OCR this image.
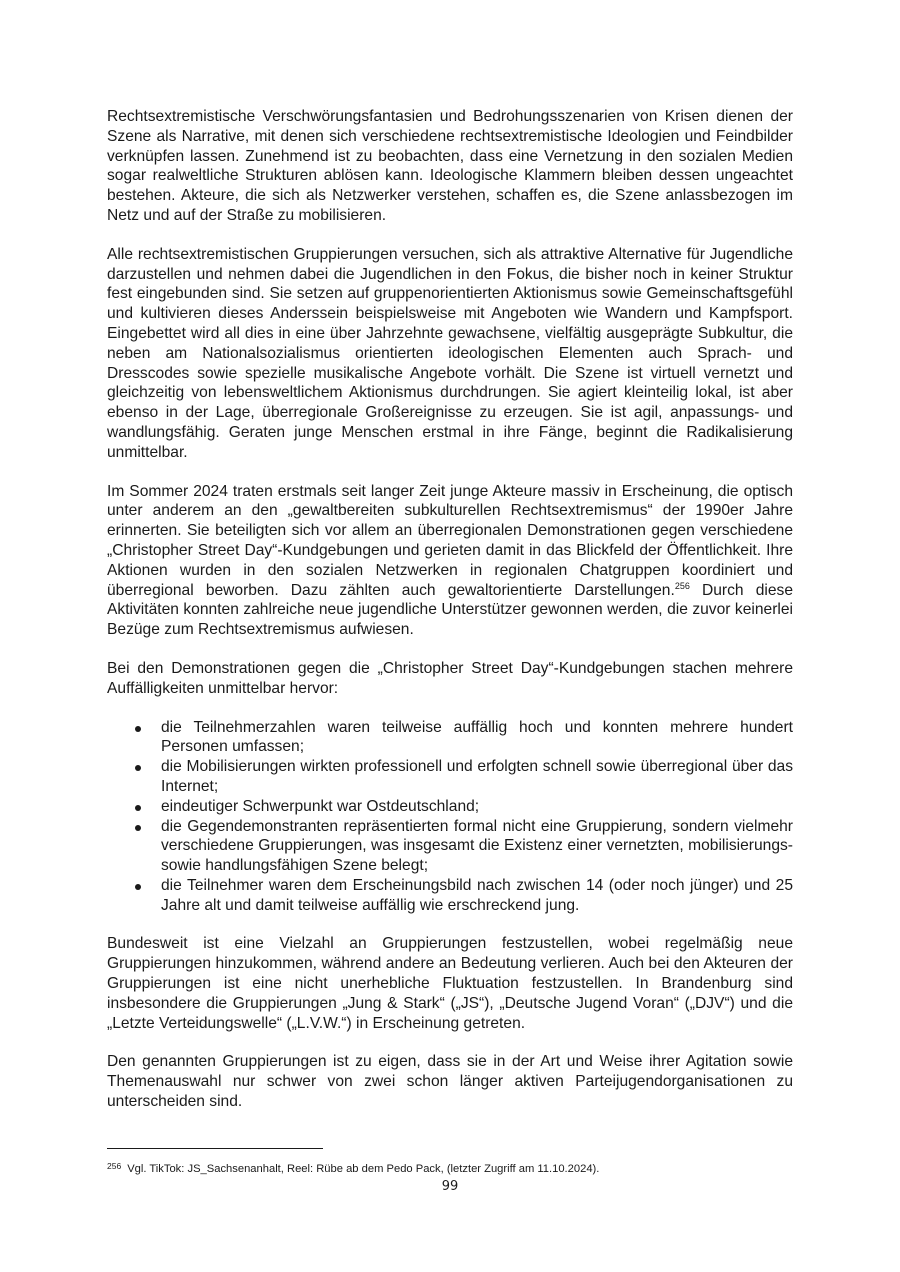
Rechtsextremistische Verschwörungsfantasien und Bedrohungsszenarien von Krisen dienen der Szene als Narrative, mit denen sich verschiedene rechtsextremistische Ideologien und Feindbilder verknüpfen lassen. Zunehmend ist zu beobachten, dass eine Vernetzung in den sozialen Medien sogar realweltliche Strukturen ablösen kann. Ideologische Klammern bleiben dessen ungeachtet bestehen. Akteure, die sich als Netzwerker verstehen, schaffen es, die Szene anlassbezogen im Netz und auf der Straße zu mobilisieren.

Alle rechtsextremistischen Gruppierungen versuchen, sich als attraktive Alternative für Jugendliche darzustellen und nehmen dabei die Jugendlichen in den Fokus, die bisher noch in keiner Struktur fest eingebunden sind. Sie setzen auf gruppenorientierten Aktionismus sowie Gemeinschaftsgefühl und kultivieren dieses Anderssein beispielsweise mit Angeboten wie Wandern und Kampfsport. Eingebettet wird all dies in eine über Jahrzehnte gewachsene, vielfältig ausgeprägte Subkultur, die neben am Nationalsozialismus orientierten ideologischen Elementen auch Sprach- und Dresscodes sowie spezielle musikalische Angebote vorhält. Die Szene ist virtuell vernetzt und gleichzeitig von lebensweltlichem Aktionismus durchdrungen. Sie agiert kleinteilig lokal, ist aber ebenso in der Lage, überregionale Großereignisse zu erzeugen. Sie ist agil, anpassungs- und wandlungsfähig. Geraten junge Menschen erstmal in ihre Fänge, beginnt die Radikalisierung unmittelbar.

Im Sommer 2024 traten erstmals seit langer Zeit junge Akteure massiv in Erscheinung, die optisch unter anderem an den „gewaltbereiten subkulturellen Rechtsextremismus“ der 1990er Jahre erinnerten. Sie beteiligten sich vor allem an überregionalen Demonstrationen gegen verschiedene „Christopher Street Day“-Kundgebungen und gerieten damit in das Blickfeld der Öffentlichkeit. Ihre Aktionen wurden in den sozialen Netzwerken in regionalen Chatgruppen koordiniert und überregional beworben. Dazu zählten auch gewaltorientierte Darstellungen.$^{256}$ Durch diese Aktivitäten konnten zahlreiche neue jugendliche Unterstützer gewonnen werden, die zuvor keinerlei Bezüge zum Rechtsextremismus aufwiesen.

Bei den Demonstrationen gegen die „Christopher Street Day“-Kundgebungen stachen mehrere Auffälligkeiten unmittelbar hervor:

die Teilnehmerzahlen waren teilweise auffällig hoch und konnten mehrere hundert Personen umfassen;
die Mobilisierungen wirkten professionell und erfolgten schnell sowie überregional über das Internet;
eindeutiger Schwerpunkt war Ostdeutschland;
die Gegendemonstranten repräsentierten formal nicht eine Gruppierung, sondern vielmehr verschiedene Gruppierungen, was insgesamt die Existenz einer vernetzten, mobilisierungs- sowie handlungsfähigen Szene belegt;
die Teilnehmer waren dem Erscheinungsbild nach zwischen 14 (oder noch jünger) und 25 Jahre alt und damit teilweise auffällig wie erschreckend jung.

Bundesweit ist eine Vielzahl an Gruppierungen festzustellen, wobei regelmäßig neue Gruppierungen hinzukommen, während andere an Bedeutung verlieren. Auch bei den Akteuren der Gruppierungen ist eine nicht unerhebliche Fluktuation festzustellen. In Brandenburg sind insbesondere die Gruppierungen „Jung & Stark“ („JS“), „Deutsche Jugend Voran“ („DJV“) und die „Letzte Verteidungswelle“ („L.V.W.“) in Erscheinung getreten.

Den genannten Gruppierungen ist zu eigen, dass sie in der Art und Weise ihrer Agitation sowie Themenauswahl nur schwer von zwei schon länger aktiven Parteijugendorganisationen zu unterscheiden sind.

$^{256}$ Vgl. TikTok: JS_Sachsenanhalt, Reel: Rübe ab dem Pedo Pack, (letzter Zugriff am 11.10.2024).
99
